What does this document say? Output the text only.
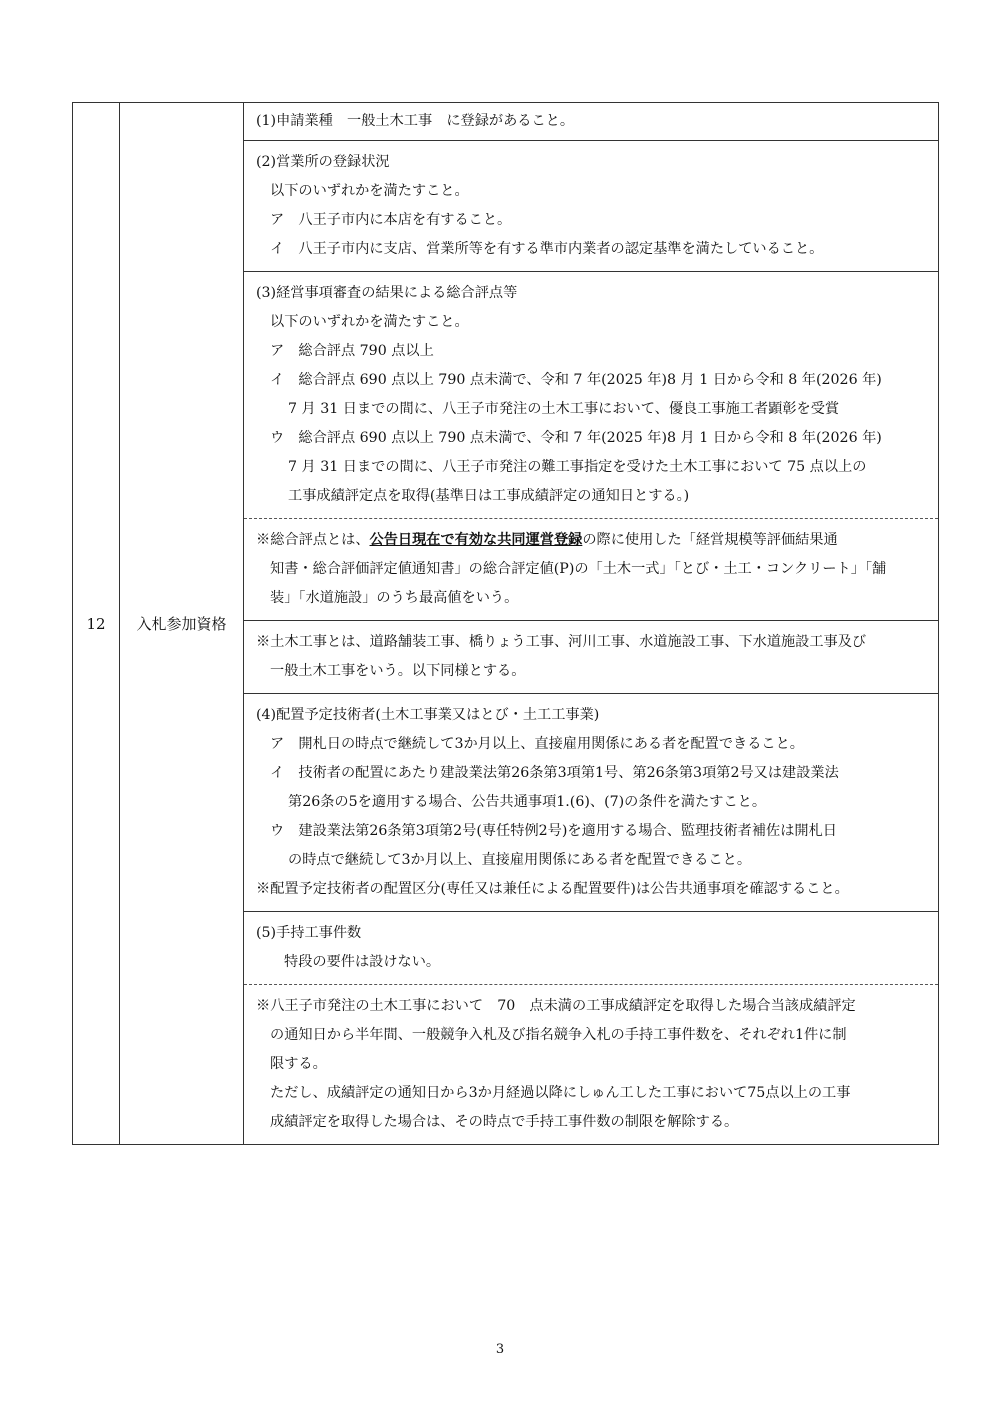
12	入札参加資格	
(1)申請業種　一般土木工事　に登録があること。
(2)営業所の登録状況
以下のいずれかを満たすこと。
ア　八王子市内に本店を有すること。
イ　八王子市内に支店、営業所等を有する準市内業者の認定基準を満たしていること。
(3)経営事項審査の結果による総合評点等
以下のいずれかを満たすこと。
ア　総合評点 790 点以上
イ　総合評点 690 点以上 790 点未満で、令和 7 年(2025 年)8 月 1 日から令和 8 年(2026 年)
7 月 31 日までの間に、八王子市発注の土木工事において、優良工事施工者顕彰を受賞
ウ　総合評点 690 点以上 790 点未満で、令和 7 年(2025 年)8 月 1 日から令和 8 年(2026 年)
7 月 31 日までの間に、八王子市発注の難工事指定を受けた土木工事において 75 点以上の
工事成績評定点を取得(基準日は工事成績評定の通知日とする。)
※総合評点とは、公告日現在で有効な共同運営登録の際に使用した「経営規模等評価結果通
知書・総合評価評定値通知書」の総合評定値(P)の「土木一式」「とび・土工・コンクリート」「舗
装」「水道施設」のうち最高値をいう。
※土木工事とは、道路舗装工事、橋りょう工事、河川工事、水道施設工事、下水道施設工事及び
一般土木工事をいう。以下同様とする。
(4)配置予定技術者(土木工事業又はとび・土工工事業)
ア　開札日の時点で継続して3か月以上、直接雇用関係にある者を配置できること。
イ　技術者の配置にあたり建設業法第26条第3項第1号、第26条第3項第2号又は建設業法
第26条の5を適用する場合、公告共通事項1.(6)、(7)の条件を満たすこと。
ウ　建設業法第26条第3項第2号(専任特例2号)を適用する場合、監理技術者補佐は開札日
の時点で継続して3か月以上、直接雇用関係にある者を配置できること。
※配置予定技術者の配置区分(専任又は兼任による配置要件)は公告共通事項を確認すること。
(5)手持工事件数
特段の要件は設けない。
※八王子市発注の土木工事において　70　点未満の工事成績評定を取得した場合当該成績評定
の通知日から半年間、一般競争入札及び指名競争入札の手持工事件数を、それぞれ1件に制
限する。
ただし、成績評定の通知日から3か月経過以降にしゅん工した工事において75点以上の工事
成績評定を取得した場合は、その時点で手持工事件数の制限を解除する。
3
